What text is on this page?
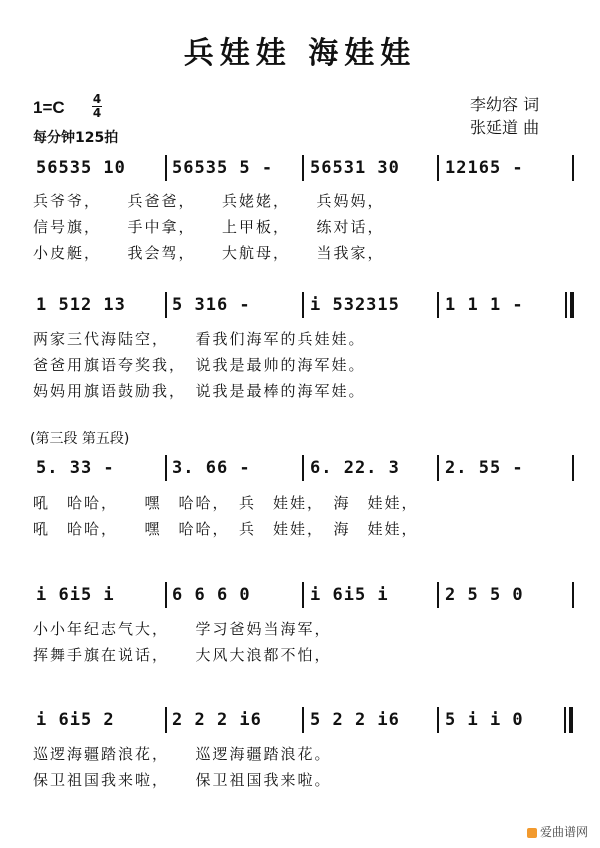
兵娃娃 海娃娃
李幼容 词
张延道 曲
1=C 4
4
每分钟125拍
56535 10	56535 5 - 56531 30	12165 -
兵爷爷，　　兵爸爸，　　兵姥姥，　　兵妈妈，
信号旗，　　手中拿，　　上甲板，　　练对话，
小皮艇，　　我会驾，　　大航母，　　当我家，
1 512 13	5 316 -	i 532315	1 1 1 -
两家三代海陆空，　　看我们海军的兵娃娃。
爸爸用旗语夸奖我，　说我是最帅的海军娃。
妈妈用旗语鼓励我，　说我是最棒的海军娃。
(第三段 第五段)
5. 33 -	3. 66 -	6. 22. 3	2. 55 -
吼　哈哈，　　嘿　哈哈，　兵　娃娃，　海　娃娃，
吼　哈哈，　　嘿　哈哈，　兵　娃娃，　海　娃娃，
i 6i5 i	6 6 6 0	i 6i5 i	2 5 5 0
小小年纪志气大，　　学习爸妈当海军，
挥舞手旗在说话，　　大风大浪都不怕，
i 6i5 2	2 2 2 i6	5 2 2 i6	5 i i 0
巡逻海疆踏浪花，　　巡逻海疆踏浪花。
保卫祖国我来啦，　　保卫祖国我来啦。
爱曲谱网
